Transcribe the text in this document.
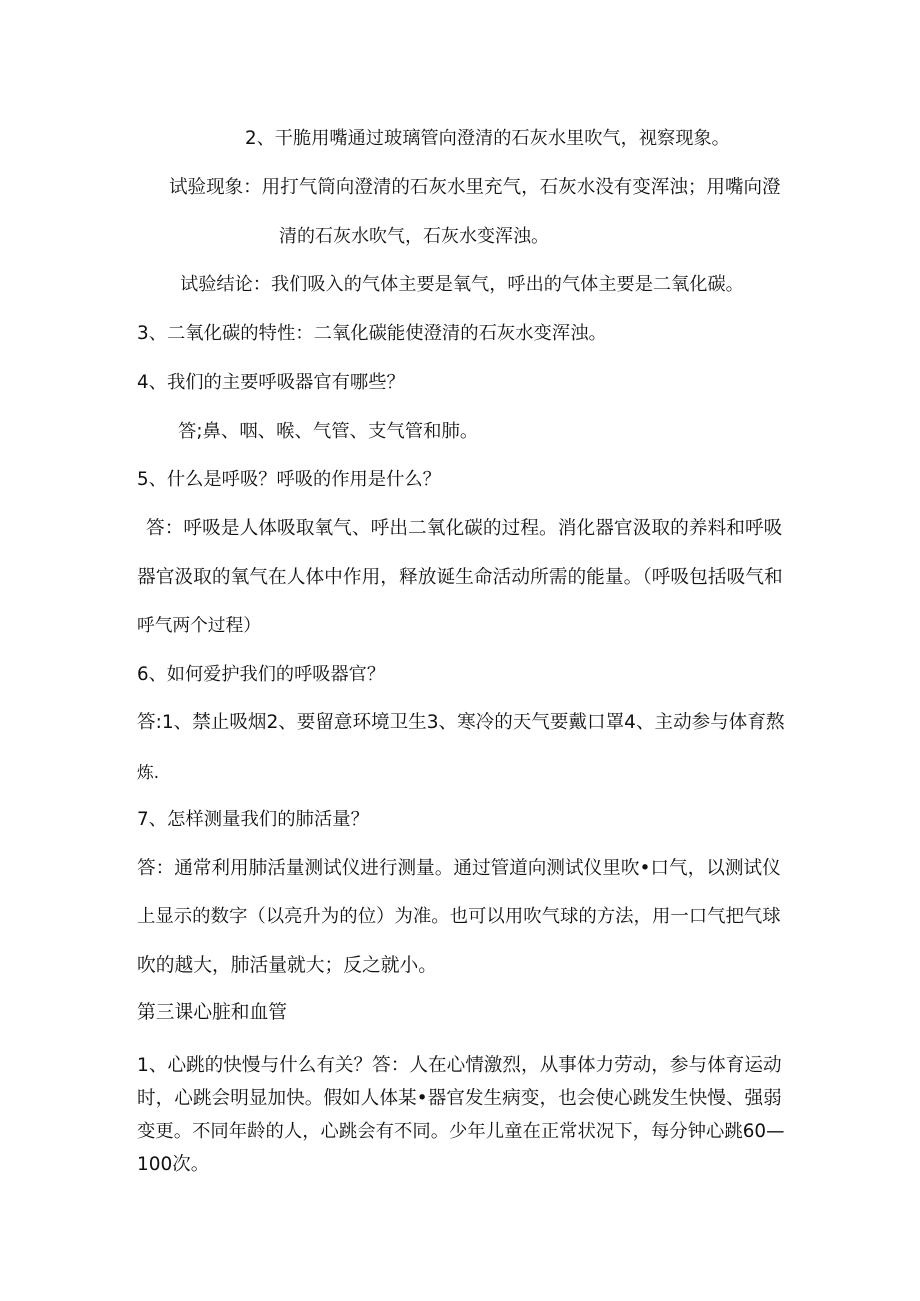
2、干脆用嘴通过玻璃管向澄清的石灰水里吹气，视察现象。
试验现象：用打气筒向澄清的石灰水里充气，石灰水没有变浑浊；用嘴向澄
清的石灰水吹气，石灰水变浑浊。
试验结论：我们吸入的气体主要是氧气，呼出的气体主要是二氧化碳。
3、二氧化碳的特性：二氧化碳能使澄清的石灰水变浑浊。
4、我们的主要呼吸器官有哪些？
答;鼻、咽、喉、气管、支气管和肺。
5、什么是呼吸？呼吸的作用是什么？
答：呼吸是人体吸取氧气、呼出二氧化碳的过程。消化器官汲取的养料和呼吸
器官汲取的氧气在人体中作用，释放诞生命活动所需的能量。（呼吸包括吸气和
呼气两个过程）
6、如何爱护我们的呼吸器官？
答:1、禁止吸烟2、要留意环境卫生3、寒冷的天气要戴口罩4、主动参与体育熬
炼.
7、怎样测量我们的肺活量？
答：通常利用肺活量测试仪进行测量。通过管道向测试仪里吹•口气，以测试仪
上显示的数字（以亮升为的位）为准。也可以用吹气球的方法，用一口气把气球
吹的越大，肺活量就大；反之就小。
第三课心脏和血管
1、心跳的快慢与什么有关？答：人在心情激烈，从事体力劳动，参与体育运动
时，心跳会明显加快。假如人体某•器官发生病变，也会使心跳发生快慢、强弱
变更。不同年龄的人，心跳会有不同。少年儿童在正常状况下，每分钟心跳60—
100次。
